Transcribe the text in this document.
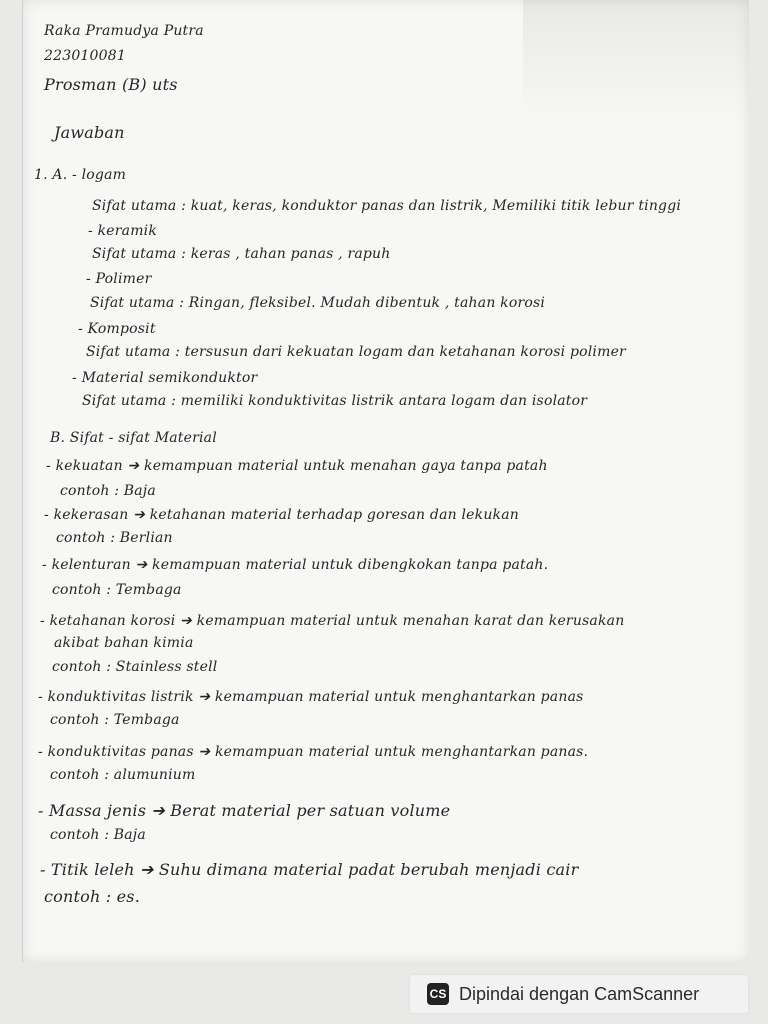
Raka Pramudya Putra
223010081
Prosman (B) uts
Jawaban
1. A. - logam
Sifat utama : kuat, keras, konduktor panas dan listrik, Memiliki titik lebur tinggi
- keramik
Sifat utama : keras , tahan panas , rapuh
- Polimer
Sifat utama : Ringan, fleksibel. Mudah dibentuk , tahan korosi
- Komposit
Sifat utama : tersusun dari kekuatan logam dan ketahanan korosi polimer
- Material semikonduktor
Sifat utama : memiliki konduktivitas listrik antara logam dan isolator
B. Sifat - sifat Material
- kekuatan ➔ kemampuan material untuk menahan gaya tanpa patah
contoh : Baja
- kekerasan ➔ ketahanan material terhadap goresan dan lekukan
contoh : Berlian
- kelenturan ➔ kemampuan material untuk dibengkokan tanpa patah.
contoh : Tembaga
- ketahanan korosi ➔ kemampuan material untuk menahan karat dan kerusakan
akibat bahan kimia
contoh : Stainless stell
- konduktivitas listrik ➔ kemampuan material untuk menghantarkan panas
contoh : Tembaga
- konduktivitas panas ➔ kemampuan material untuk menghantarkan panas.
contoh : alumunium
- Massa jenis ➔ Berat material per satuan volume
contoh : Baja
- Titik leleh ➔ Suhu dimana material padat berubah menjadi cair
contoh : es.
CS Dipindai dengan CamScanner
